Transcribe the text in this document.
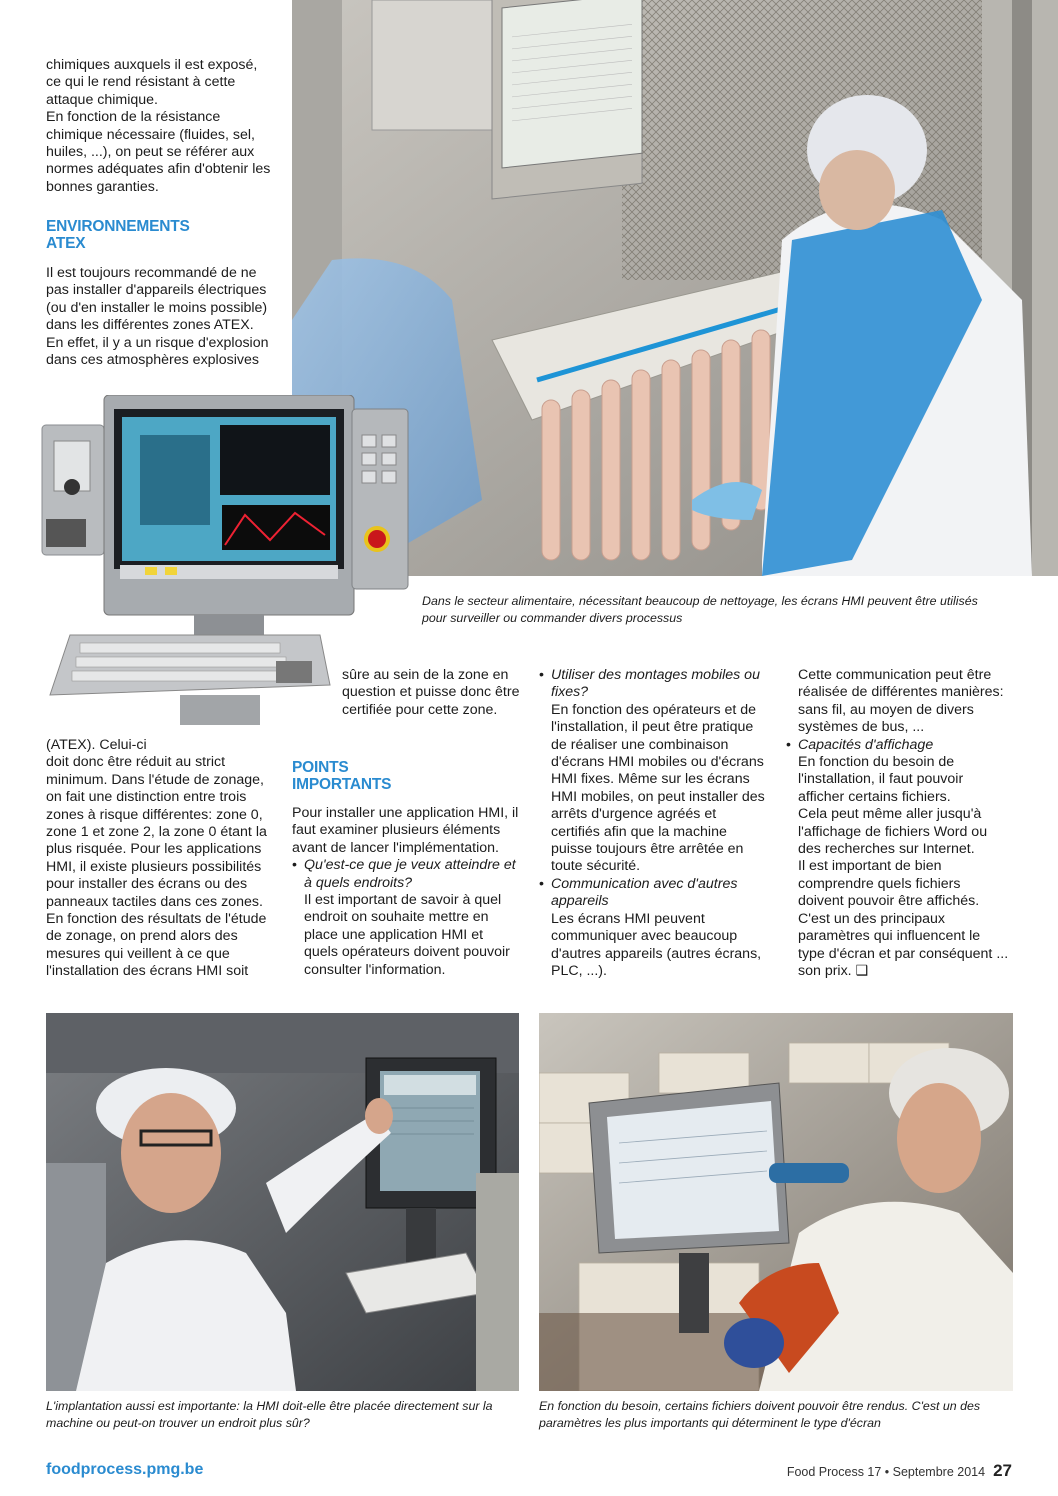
chimiques auxquels il est exposé, ce qui le rend résistant à cette attaque chimique.

En fonction de la résistance chimique nécessaire (fluides, sel, huiles, ...), on peut se référer aux normes adéquates afin d'obtenir les bonnes garanties.

ENVIRONNEMENTS
ATEX

Il est toujours recommandé de ne pas installer d'appareils électriques (ou d'en installer le moins possible) dans les différentes zones ATEX.

En effet, il y a un risque d'explosion dans ces atmosphères explosives

Dans le secteur alimentaire, nécessitant beaucoup de nettoyage, les écrans HMI peuvent être utilisés pour surveiller ou commander divers processus

(ATEX). Celui-ci

doit donc être réduit au strict minimum. Dans l'étude de zonage, on fait une distinction entre trois zones à risque différentes: zone 0, zone 1 et zone 2, la zone 0 étant la plus risquée. Pour les applications HMI, il existe plusieurs possibilités pour installer des écrans ou des panneaux tactiles dans ces zones. En fonction des résultats de l'étude de zonage, on prend alors des mesures qui veillent à ce que l'installation des écrans HMI soit

sûre au sein de la zone en question et puisse donc être certifiée pour cette zone.
POINTS
IMPORTANTS

Pour installer une application HMI, il faut examiner plusieurs éléments avant de lancer l'implémentation.

• Qu'est-ce que je veux atteindre et à quels endroits?

Il est important de savoir à quel endroit on souhaite mettre en place une application HMI et quels opérateurs doivent pouvoir consulter l'information.

• Utiliser des montages mobiles ou fixes?

En fonction des opérateurs et de l'installation, il peut être pratique de réaliser une combinaison d'écrans HMI mobiles ou d'écrans HMI fixes. Même sur les écrans HMI mobiles, on peut installer des arrêts d'urgence agréés et certifiés afin que la machine puisse toujours être arrêtée en toute sécurité.

• Communication avec d'autres appareils

Les écrans HMI peuvent communiquer avec beaucoup d'autres appareils (autres écrans, PLC, ...).

Cette communication peut être réalisée de différentes manières: sans fil, au moyen de divers systèmes de bus, ...

• Capacités d'affichage

En fonction du besoin de l'installation, il faut pouvoir afficher certains fichiers.

Cela peut même aller jusqu'à l'affichage de fichiers Word ou des recherches sur Internet.

Il est important de bien comprendre quels fichiers doivent pouvoir être affichés.

C'est un des principaux paramètres qui influencent le type d'écran et par conséquent ... son prix. ❑

L'implantation aussi est importante: la HMI doit-elle être placée directement sur la machine ou peut-on trouver un endroit plus sûr?
En fonction du besoin, certains fichiers doivent pouvoir être rendus. C'est un des paramètres les plus importants qui déterminent le type d'écran
foodprocess.pmg.be	Food Process 17 • Septembre 2014 27
